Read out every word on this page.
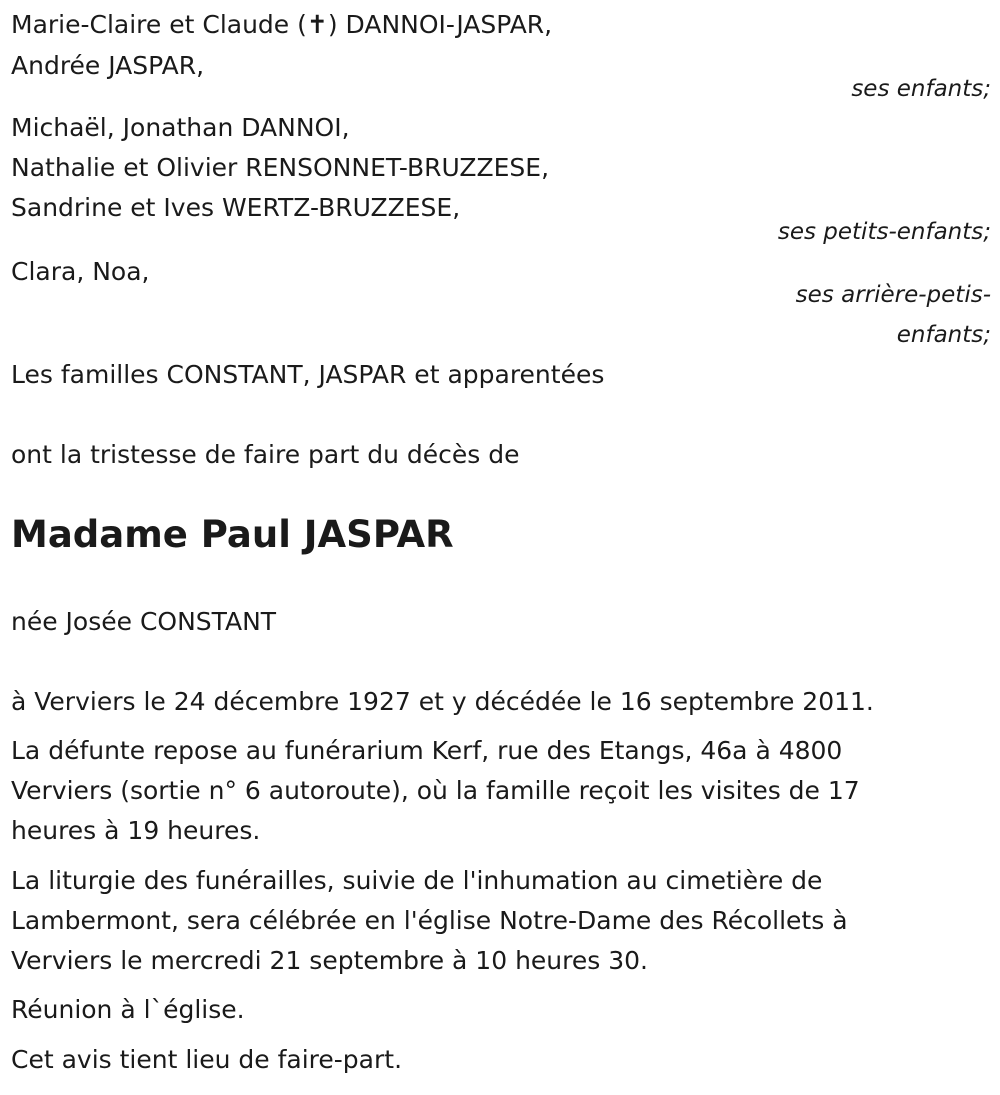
Marie-Claire et Claude (✝) DANNOI-JASPAR,
Andrée JASPAR,
ses enfants;
Michaël, Jonathan DANNOI,
Nathalie et Olivier RENSONNET-BRUZZESE,
Sandrine et Ives WERTZ-BRUZZESE,
ses petits-enfants;
Clara, Noa,
ses arrière-petis-
enfants;
Les familles CONSTANT, JASPAR et apparentées
ont la tristesse de faire part du décès de
Madame Paul JASPAR
née Josée CONSTANT
à Verviers le 24 décembre 1927 et y décédée le 16 septembre 2011.
La défunte repose au funérarium Kerf, rue des Etangs, 46a à 4800
Verviers (sortie n° 6 autoroute), où la famille reçoit les visites de 17
heures à 19 heures.
La liturgie des funérailles, suivie de l'inhumation au cimetière de
Lambermont, sera célébrée en l'église Notre-Dame des Récollets à
Verviers le mercredi 21 septembre à 10 heures 30.
Réunion à l`église.
Cet avis tient lieu de faire-part.
